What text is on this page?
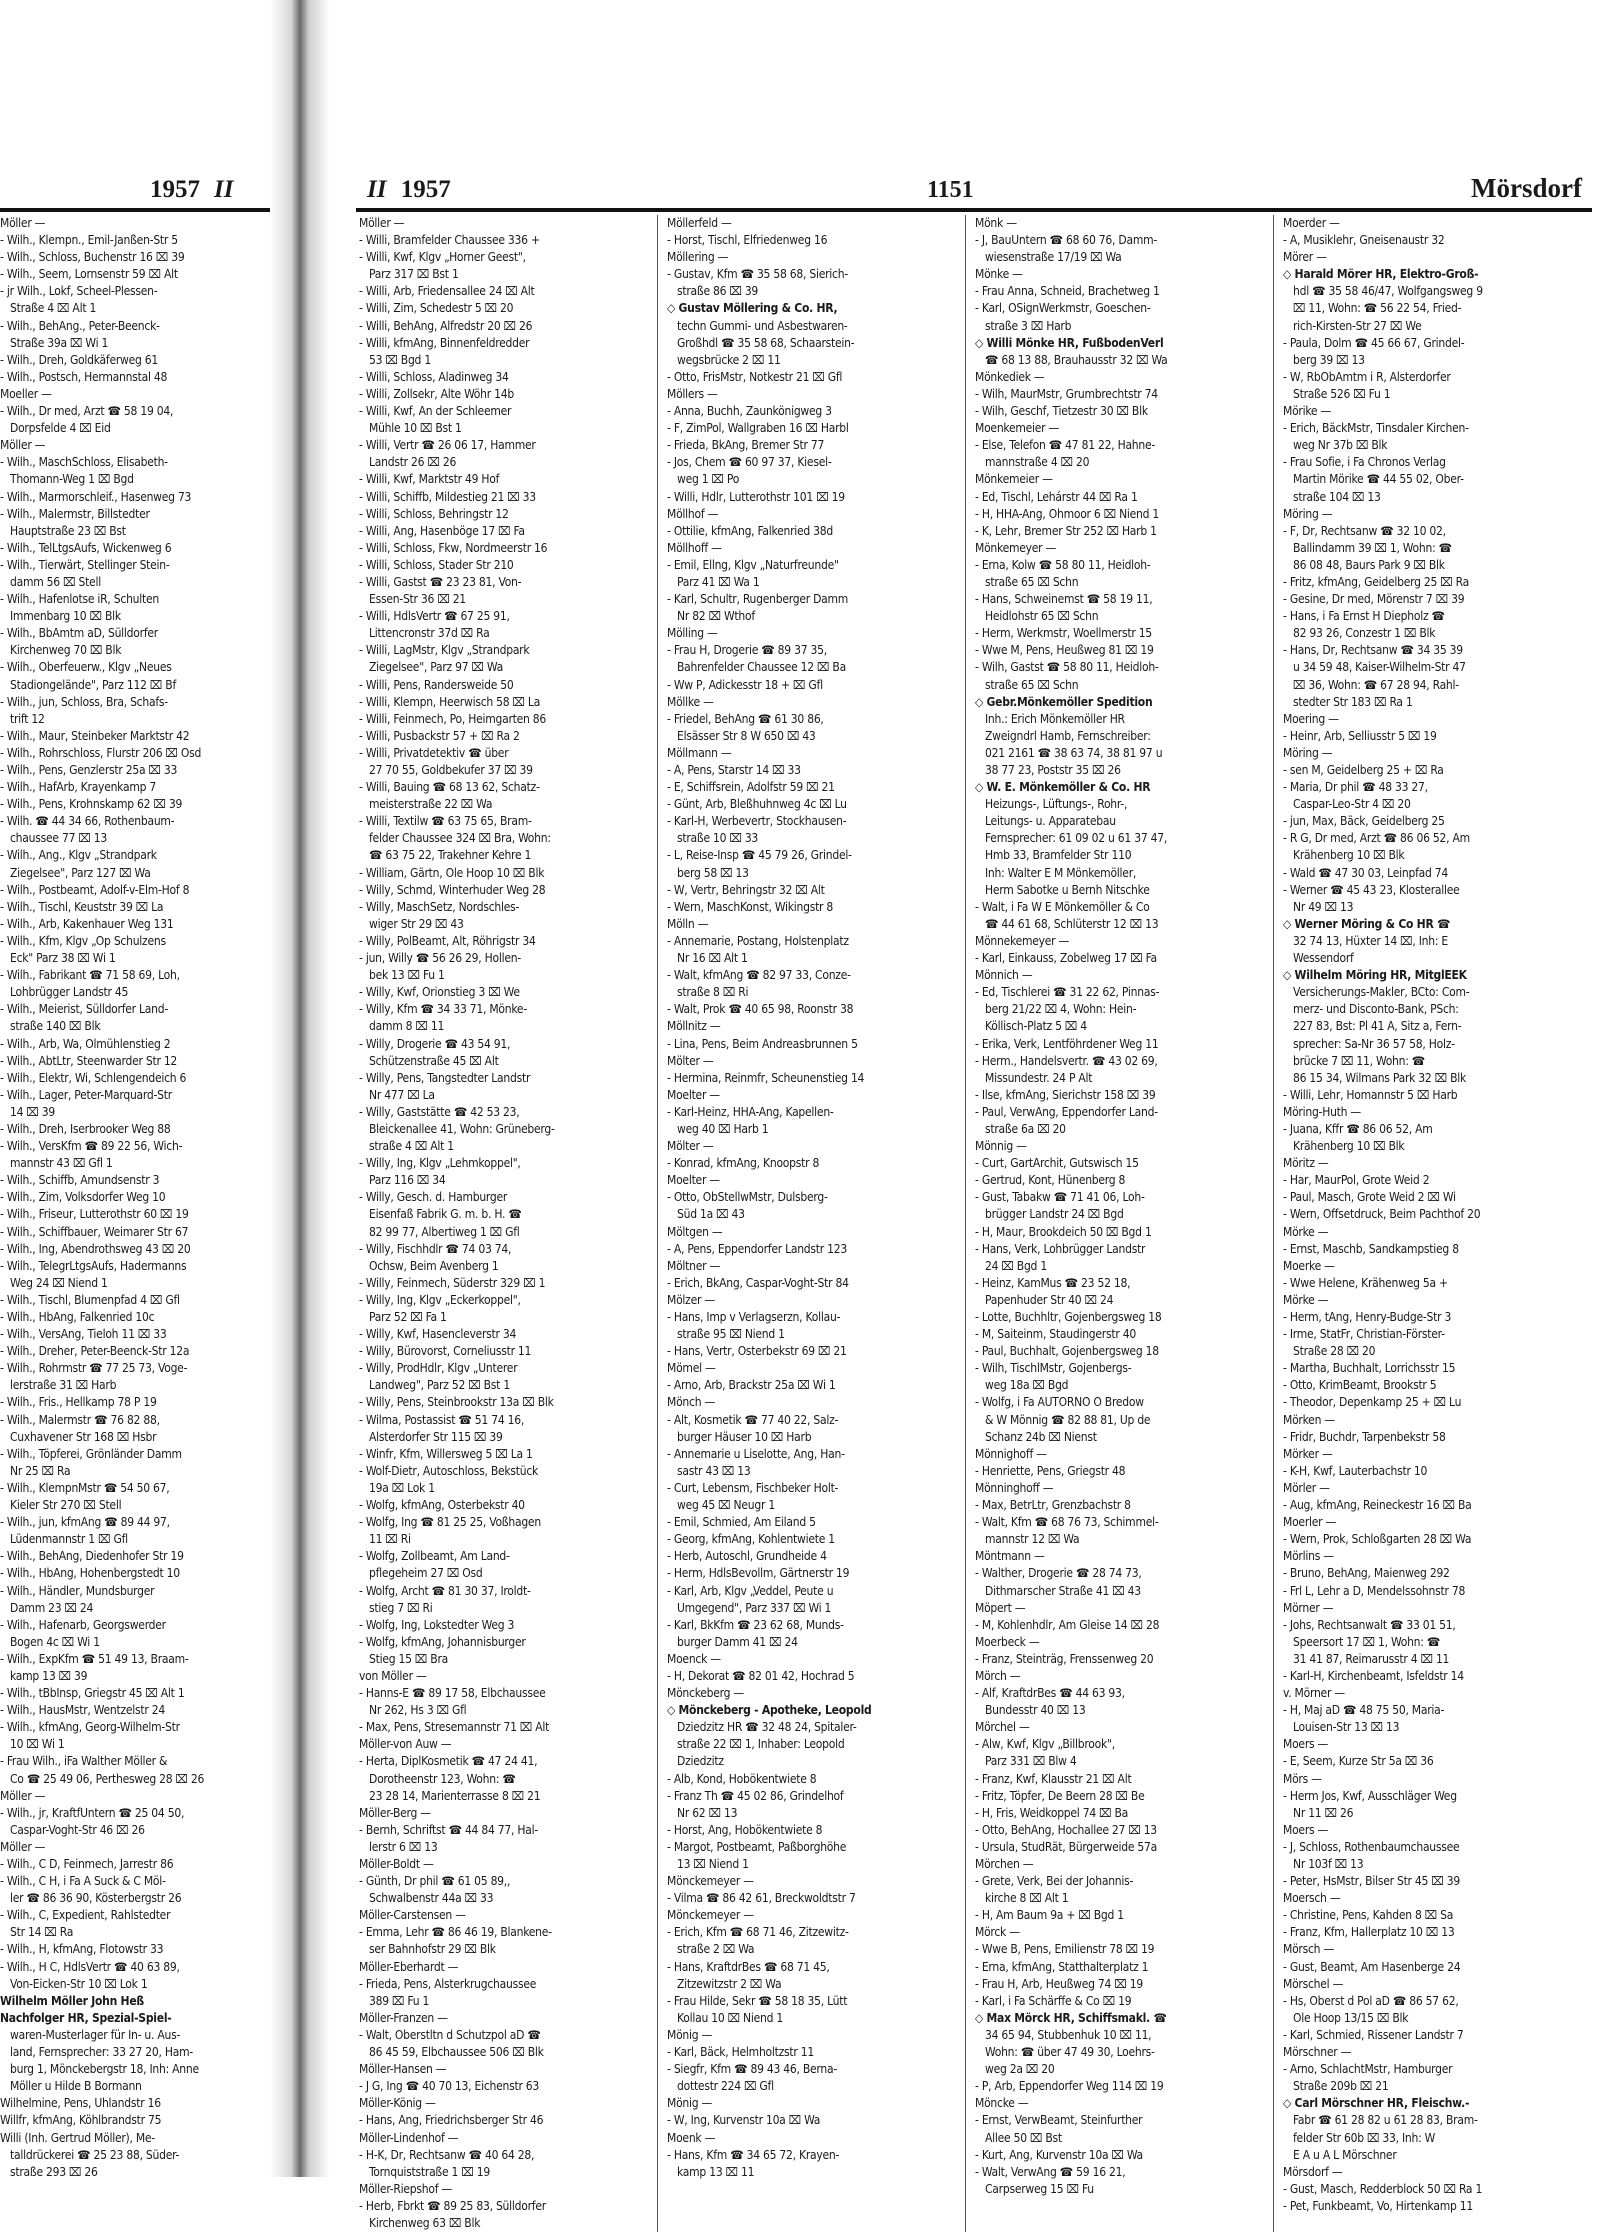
1957 II
Möller —
- Wilh., Klempn., Emil-Janßen-Str 5
- Wilh., Schloss, Buchenstr 16 ⌧ 39
- Wilh., Seem, Lornsenstr 59 ⌧ Alt
- jr Wilh., Lokf, Scheel-Plessen-
Straße 4 ⌧ Alt 1
- Wilh., BehAng., Peter-Beenck-
Straße 39a ⌧ Wi 1
- Wilh., Dreh, Goldkäferweg 61
- Wilh., Postsch, Hermannstal 48
Moeller —
- Wilh., Dr med, Arzt ☎ 58 19 04,
Dorpsfelde 4 ⌧ Eid
Möller —
- Wilh., MaschSchloss, Elisabeth-
Thomann-Weg 1 ⌧ Bgd
- Wilh., Marmorschleif., Hasenweg 73
- Wilh., Malermstr, Billstedter
Hauptstraße 23 ⌧ Bst
- Wilh., TelLtgsAufs, Wickenweg 6
- Wilh., Tierwärt, Stellinger Stein-
damm 56 ⌧ Stell
- Wilh., Hafenlotse iR, Schulten
Immenbarg 10 ⌧ Blk
- Wilh., BbAmtm aD, Sülldorfer
Kirchenweg 70 ⌧ Blk
- Wilh., Oberfeuerw., Klgv „Neues
Stadiongelände", Parz 112 ⌧ Bf
- Wilh., jun, Schloss, Bra, Schafs-
trift 12
- Wilh., Maur, Steinbeker Marktstr 42
- Wilh., Rohrschloss, Flurstr 206 ⌧ Osd
- Wilh., Pens, Genzlerstr 25a ⌧ 33
- Wilh., HafArb, Krayenkamp 7
- Wilh., Pens, Krohnskamp 62 ⌧ 39
- Wilh. ☎ 44 34 66, Rothenbaum-
chaussee 77 ⌧ 13
- Wilh., Ang., Klgv „Strandpark
Ziegelsee", Parz 127 ⌧ Wa
- Wilh., Postbeamt, Adolf-v-Elm-Hof 8
- Wilh., Tischl, Keuststr 39 ⌧ La
- Wilh., Arb, Kakenhauer Weg 131
- Wilh., Kfm, Klgv „Op Schulzens
Eck" Parz 38 ⌧ Wi 1
- Wilh., Fabrikant ☎ 71 58 69, Loh,
Lohbrügger Landstr 45
- Wilh., Meierist, Sülldorfer Land-
straße 140 ⌧ Blk
- Wilh., Arb, Wa, Olmühlenstieg 2
- Wilh., AbtLtr, Steenwarder Str 12
- Wilh., Elektr, Wi, Schlengendeich 6
- Wilh., Lager, Peter-Marquard-Str
14 ⌧ 39
- Wilh., Dreh, Iserbrooker Weg 88
- Wilh., VersKfm ☎ 89 22 56, Wich-
mannstr 43 ⌧ Gfl 1
- Wilh., Schiffb, Amundsenstr 3
- Wilh., Zim, Volksdorfer Weg 10
- Wilh., Friseur, Lutterothstr 60 ⌧ 19
- Wilh., Schiffbauer, Weimarer Str 67
- Wilh., Ing, Abendrothsweg 43 ⌧ 20
- Wilh., TelegrLtgsAufs, Hadermanns
Weg 24 ⌧ Niend 1
- Wilh., Tischl, Blumenpfad 4 ⌧ Gfl
- Wilh., HbAng, Falkenried 10c
- Wilh., VersAng, Tieloh 11 ⌧ 33
- Wilh., Dreher, Peter-Beenck-Str 12a
- Wilh., Rohrmstr ☎ 77 25 73, Voge-
lerstraße 31 ⌧ Harb
- Wilh., Fris., Hellkamp 78 P 19
- Wilh., Malermstr ☎ 76 82 88,
Cuxhavener Str 168 ⌧ Hsbr
- Wilh., Töpferei, Grönländer Damm
Nr 25 ⌧ Ra
- Wilh., KlempnMstr ☎ 54 50 67,
Kieler Str 270 ⌧ Stell
- Wilh., jun, kfmAng ☎ 89 44 97,
Lüdenmannstr 1 ⌧ Gfl
- Wilh., BehAng, Diedenhofer Str 19
- Wilh., HbAng, Hohenbergstedt 10
- Wilh., Händler, Mundsburger
Damm 23 ⌧ 24
- Wilh., Hafenarb, Georgswerder
Bogen 4c ⌧ Wi 1
- Wilh., ExpKfm ☎ 51 49 13, Braam-
kamp 13 ⌧ 39
- Wilh., tBbInsp, Griegstr 45 ⌧ Alt 1
- Wilh., HausMstr, Wentzelstr 24
- Wilh., kfmAng, Georg-Wilhelm-Str
10 ⌧ Wi 1
- Frau Wilh., iFa Walther Möller &
Co ☎ 25 49 06, Perthesweg 28 ⌧ 26
Möller —
- Wilh., jr, KraftfUntern ☎ 25 04 50,
Caspar-Voght-Str 46 ⌧ 26
Möller —
- Wilh., C D, Feinmech, Jarrestr 86
- Wilh., C H, i Fa A Suck & C Möl-
ler ☎ 86 36 90, Kösterbergstr 26
- Wilh., C, Expedient, Rahlstedter
Str 14 ⌧ Ra
- Wilh., H, kfmAng, Flotowstr 33
- Wilh., H C, HdlsVertr ☎ 40 63 89,
Von-Eicken-Str 10 ⌧ Lok 1
Wilhelm Möller John Heß
Nachfolger HR, Spezial-Spiel-
waren-Musterlager für In- u. Aus-
land, Fernsprecher: 33 27 20, Ham-
burg 1, Mönckebergstr 18, Inh: Anne
Möller u Hilde B Bormann
Wilhelmine, Pens, Uhlandstr 16
Willfr, kfmAng, Köhlbrandstr 75
Willi (Inh. Gertrud Möller), Me-
talldrückerei ☎ 25 23 88, Süder-
straße 293 ⌧ 26
II 1957	1151	Mörsdorf
Möller —
- Willi, Bramfelder Chaussee 336 +
- Willi, Kwf, Klgv „Horner Geest",
Parz 317 ⌧ Bst 1
- Willi, Arb, Friedensallee 24 ⌧ Alt
- Willi, Zim, Schedestr 5 ⌧ 20
- Willi, BehAng, Alfredstr 20 ⌧ 26
- Willi, kfmAng, Binnenfeldredder
53 ⌧ Bgd 1
- Willi, Schloss, Aladinweg 34
- Willi, Zollsekr, Alte Wöhr 14b
- Willi, Kwf, An der Schleemer
Mühle 10 ⌧ Bst 1
- Willi, Vertr ☎ 26 06 17, Hammer
Landstr 26 ⌧ 26
- Willi, Kwf, Marktstr 49 Hof
- Willi, Schiffb, Mildestieg 21 ⌧ 33
- Willi, Schloss, Behringstr 12
- Willi, Ang, Hasenböge 17 ⌧ Fa
- Willi, Schloss, Fkw, Nordmeerstr 16
- Willi, Schloss, Stader Str 210
- Willi, Gastst ☎ 23 23 81, Von-
Essen-Str 36 ⌧ 21
- Willi, HdlsVertr ☎ 67 25 91,
Littencronstr 37d ⌧ Ra
- Willi, LagMstr, Klgv „Strandpark
Ziegelsee", Parz 97 ⌧ Wa
- Willi, Pens, Randersweide 50
- Willi, Klempn, Heerwisch 58 ⌧ La
- Willi, Feinmech, Po, Heimgarten 86
- Willi, Pusbackstr 57 + ⌧ Ra 2
- Willi, Privatdetektiv ☎ über
27 70 55, Goldbekufer 37 ⌧ 39
- Willi, Bauing ☎ 68 13 62, Schatz-
meisterstraße 22 ⌧ Wa
- Willi, Textilw ☎ 63 75 65, Bram-
felder Chaussee 324 ⌧ Bra, Wohn:
☎ 63 75 22, Trakehner Kehre 1
- William, Gärtn, Ole Hoop 10 ⌧ Blk
- Willy, Schmd, Winterhuder Weg 28
- Willy, MaschSetz, Nordschles-
wiger Str 29 ⌧ 43
- Willy, PolBeamt, Alt, Röhrigstr 34
- jun, Willy ☎ 56 26 29, Hollen-
bek 13 ⌧ Fu 1
- Willy, Kwf, Orionstieg 3 ⌧ We
- Willy, Kfm ☎ 34 33 71, Mönke-
damm 8 ⌧ 11
- Willy, Drogerie ☎ 43 54 91,
Schützenstraße 45 ⌧ Alt
- Willy, Pens, Tangstedter Landstr
Nr 477 ⌧ La
- Willy, Gaststätte ☎ 42 53 23,
Bleickenallee 41, Wohn: Grüneberg-
straße 4 ⌧ Alt 1
- Willy, Ing, Klgv „Lehmkoppel",
Parz 116 ⌧ 34
- Willy, Gesch. d. Hamburger
Eisenfaß Fabrik G. m. b. H. ☎
82 99 77, Albertiweg 1 ⌧ Gfl
- Willy, Fischhdlr ☎ 74 03 74,
Ochsw, Beim Avenberg 1
- Willy, Feinmech, Süderstr 329 ⌧ 1
- Willy, Ing, Klgv „Eckerkoppel",
Parz 52 ⌧ Fa 1
- Willy, Kwf, Hasencleverstr 34
- Willy, Bürovorst, Corneliusstr 11
- Willy, ProdHdlr, Klgv „Unterer
Landweg", Parz 52 ⌧ Bst 1
- Willy, Pens, Steinbrookstr 13a ⌧ Blk
- Wilma, Postassist ☎ 51 74 16,
Alsterdorfer Str 115 ⌧ 39
- Winfr, Kfm, Willersweg 5 ⌧ La 1
- Wolf-Dietr, Autoschloss, Bekstück
19a ⌧ Lok 1
- Wolfg, kfmAng, Osterbekstr 40
- Wolfg, Ing ☎ 81 25 25, Voßhagen
11 ⌧ Ri
- Wolfg, Zollbeamt, Am Land-
pflegeheim 27 ⌧ Osd
- Wolfg, Archt ☎ 81 30 37, Iroldt-
stieg 7 ⌧ Ri
- Wolfg, Ing, Lokstedter Weg 3
- Wolfg, kfmAng, Johannisburger
Stieg 15 ⌧ Bra
von Möller —
- Hanns-E ☎ 89 17 58, Elbchaussee
Nr 262, Hs 3 ⌧ Gfl
- Max, Pens, Stresemannstr 71 ⌧ Alt
Möller-von Auw —
- Herta, DiplKosmetik ☎ 47 24 41,
Dorotheenstr 123, Wohn: ☎
23 28 14, Marienterrasse 8 ⌧ 21
Möller-Berg —
- Bernh, Schriftst ☎ 44 84 77, Hal-
lerstr 6 ⌧ 13
Möller-Boldt —
- Günth, Dr phil ☎ 61 05 89,,
Schwalbenstr 44a ⌧ 33
Möller-Carstensen —
- Emma, Lehr ☎ 86 46 19, Blankene-
ser Bahnhofstr 29 ⌧ Blk
Möller-Eberhardt —
- Frieda, Pens, Alsterkrugchaussee
389 ⌧ Fu 1
Möller-Franzen —
- Walt, Oberstltn d Schutzpol aD ☎
86 45 59, Elbchaussee 506 ⌧ Blk
Möller-Hansen —
- J G, Ing ☎ 40 70 13, Eichenstr 63
Möller-König —
- Hans, Ang, Friedrichsberger Str 46
Möller-Lindenhof —
- H-K, Dr, Rechtsanw ☎ 40 64 28,
Tornquiststraße 1 ⌧ 19
Möller-Riepshof —
- Herb, Fbrkt ☎ 89 25 83, Sülldorfer
Kirchenweg 63 ⌧ Blk
Möllerfeld —
- Horst, Tischl, Elfriedenweg 16
Möllering —
- Gustav, Kfm ☎ 35 58 68, Sierich-
straße 86 ⌧ 39
◇ Gustav Möllering & Co. HR,
techn Gummi- und Asbestwaren-
Großhdl ☎ 35 58 68, Schaarstein-
wegsbrücke 2 ⌧ 11
- Otto, FrisMstr, Notkestr 21 ⌧ Gfl
Möllers —
- Anna, Buchh, Zaunkönigweg 3
- F, ZimPol, Wallgraben 16 ⌧ Harbl
- Frieda, BkAng, Bremer Str 77
- Jos, Chem ☎ 60 97 37, Kiesel-
weg 1 ⌧ Po
- Willi, Hdlr, Lutterothstr 101 ⌧ 19
Möllhof —
- Ottilie, kfmAng, Falkenried 38d
Möllhoff —
- Emil, Ellng, Klgv „Naturfreunde"
Parz 41 ⌧ Wa 1
- Karl, Schultr, Rugenberger Damm
Nr 82 ⌧ Wthof
Mölling —
- Frau H, Drogerie ☎ 89 37 35,
Bahrenfelder Chaussee 12 ⌧ Ba
- Ww P, Adickesstr 18 + ⌧ Gfl
Möllke —
- Friedel, BehAng ☎ 61 30 86,
Elsässer Str 8 W 650 ⌧ 43
Möllmann —
- A, Pens, Starstr 14 ⌧ 33
- E, Schiffsrein, Adolfstr 59 ⌧ 21
- Günt, Arb, Bleßhuhnweg 4c ⌧ Lu
- Karl-H, Werbevertr, Stockhausen-
straße 10 ⌧ 33
- L, Reise-Insp ☎ 45 79 26, Grindel-
berg 58 ⌧ 13
- W, Vertr, Behringstr 32 ⌧ Alt
- Wern, MaschKonst, Wikingstr 8
Mölln —
- Annemarie, Postang, Holstenplatz
Nr 16 ⌧ Alt 1
- Walt, kfmAng ☎ 82 97 33, Conze-
straße 8 ⌧ Ri
- Walt, Prok ☎ 40 65 98, Roonstr 38
Möllnitz —
- Lina, Pens, Beim Andreasbrunnen 5
Mölter —
- Hermina, Reinmfr, Scheunenstieg 14
Moelter —
- Karl-Heinz, HHA-Ang, Kapellen-
weg 40 ⌧ Harb 1
Mölter —
- Konrad, kfmAng, Knoopstr 8
Moelter —
- Otto, ObStellwMstr, Dulsberg-
Süd 1a ⌧ 43
Möltgen —
- A, Pens, Eppendorfer Landstr 123
Möltner —
- Erich, BkAng, Caspar-Voght-Str 84
Mölzer —
- Hans, Imp v Verlagserzn, Kollau-
straße 95 ⌧ Niend 1
- Hans, Vertr, Osterbekstr 69 ⌧ 21
Mömel —
- Arno, Arb, Brackstr 25a ⌧ Wi 1
Mönch —
- Alt, Kosmetik ☎ 77 40 22, Salz-
burger Häuser 10 ⌧ Harb
- Annemarie u Liselotte, Ang, Han-
sastr 43 ⌧ 13
- Curt, Lebensm, Fischbeker Holt-
weg 45 ⌧ Neugr 1
- Emil, Schmied, Am Eiland 5
- Georg, kfmAng, Kohlentwiete 1
- Herb, Autoschl, Grundheide 4
- Herm, HdlsBevollm, Gärtnerstr 19
- Karl, Arb, Klgv „Veddel, Peute u
Umgegend", Parz 337 ⌧ Wi 1
- Karl, BkKfm ☎ 23 62 68, Munds-
burger Damm 41 ⌧ 24
Moenck —
- H, Dekorat ☎ 82 01 42, Hochrad 5
Mönckeberg —
◇ Mönckeberg - Apotheke, Leopold
Dziedzitz HR ☎ 32 48 24, Spitaler-
straße 22 ⌧ 1, Inhaber: Leopold
Dziedzitz
- Alb, Kond, Hobökentwiete 8
- Franz Th ☎ 45 02 86, Grindelhof
Nr 62 ⌧ 13
- Horst, Ang, Hobökentwiete 8
- Margot, Postbeamt, Paßborghöhe
13 ⌧ Niend 1
Mönckemeyer —
- Vilma ☎ 86 42 61, Breckwoldtstr 7
Mönckemeyer —
- Erich, Kfm ☎ 68 71 46, Zitzewitz-
straße 2 ⌧ Wa
- Hans, KraftdrBes ☎ 68 71 45,
Zitzewitzstr 2 ⌧ Wa
- Frau Hilde, Sekr ☎ 58 18 35, Lütt
Kollau 10 ⌧ Niend 1
Mönig —
- Karl, Bäck, Helmholtzstr 11
- Siegfr, Kfm ☎ 89 43 46, Berna-
dottestr 224 ⌧ Gfl
Mönig —
- W, Ing, Kurvenstr 10a ⌧ Wa
Moenk —
- Hans, Kfm ☎ 34 65 72, Krayen-
kamp 13 ⌧ 11
Mönk —
- J, BauUntern ☎ 68 60 76, Damm-
wiesenstraße 17/19 ⌧ Wa
Mönke —
- Frau Anna, Schneid, Brachetweg 1
- Karl, OSignWerkmstr, Goeschen-
straße 3 ⌧ Harb
◇ Willi Mönke HR, FußbodenVerl
☎ 68 13 88, Brauhausstr 32 ⌧ Wa
Mönkediek —
- Wilh, MaurMstr, Grumbrechtstr 74
- Wilh, Geschf, Tietzestr 30 ⌧ Blk
Moenkemeier —
- Else, Telefon ☎ 47 81 22, Hahne-
mannstraße 4 ⌧ 20
Mönkemeier —
- Ed, Tischl, Lehárstr 44 ⌧ Ra 1
- H, HHA-Ang, Ohmoor 6 ⌧ Niend 1
- K, Lehr, Bremer Str 252 ⌧ Harb 1
Mönkemeyer —
- Erna, Kolw ☎ 58 80 11, Heidloh-
straße 65 ⌧ Schn
- Hans, Schweinemst ☎ 58 19 11,
Heidlohstr 65 ⌧ Schn
- Herm, Werkmstr, Woellmerstr 15
- Wwe M, Pens, Heußweg 81 ⌧ 19
- Wilh, Gastst ☎ 58 80 11, Heidloh-
straße 65 ⌧ Schn
◇ Gebr.Mönkemöller Spedition
Inh.: Erich Mönkemöller HR
Zweigndrl Hamb, Fernschreiber:
021 2161 ☎ 38 63 74, 38 81 97 u
38 77 23, Poststr 35 ⌧ 26
◇ W. E. Mönkemöller & Co. HR
Heizungs-, Lüftungs-, Rohr-,
Leitungs- u. Apparatebau
Fernsprecher: 61 09 02 u 61 37 47,
Hmb 33, Bramfelder Str 110
Inh: Walter E M Mönkemöller,
Herm Sabotke u Bernh Nitschke
- Walt, i Fa W E Mönkemöller & Co
☎ 44 61 68, Schlüterstr 12 ⌧ 13
Mönnekemeyer —
- Karl, Einkauss, Zobelweg 17 ⌧ Fa
Mönnich —
- Ed, Tischlerei ☎ 31 22 62, Pinnas-
berg 21/22 ⌧ 4, Wohn: Hein-
Köllisch-Platz 5 ⌧ 4
- Erika, Verk, Lentföhrdener Weg 11
- Herm., Handelsvertr. ☎ 43 02 69,
Missundestr. 24 P Alt
- Ilse, kfmAng, Sierichstr 158 ⌧ 39
- Paul, VerwAng, Eppendorfer Land-
straße 6a ⌧ 20
Mönnig —
- Curt, GartArchit, Gutswisch 15
- Gertrud, Kont, Hünenberg 8
- Gust, Tabakw ☎ 71 41 06, Loh-
brügger Landstr 24 ⌧ Bgd
- H, Maur, Brookdeich 50 ⌧ Bgd 1
- Hans, Verk, Lohbrügger Landstr
24 ⌧ Bgd 1
- Heinz, KamMus ☎ 23 52 18,
Papenhuder Str 40 ⌧ 24
- Lotte, Buchhltr, Gojenbergsweg 18
- M, Saiteinm, Staudingerstr 40
- Paul, Buchhalt, Gojenbergsweg 18
- Wilh, TischlMstr, Gojenbergs-
weg 18a ⌧ Bgd
- Wolfg, i Fa AUTORNO O Bredow
& W Mönnig ☎ 82 88 81, Up de
Schanz 24b ⌧ Nienst
Mönnighoff —
- Henriette, Pens, Griegstr 48
Mönninghoff —
- Max, BetrLtr, Grenzbachstr 8
- Walt, Kfm ☎ 68 76 73, Schimmel-
mannstr 12 ⌧ Wa
Möntmann —
- Walther, Drogerie ☎ 28 74 73,
Dithmarscher Straße 41 ⌧ 43
Möpert —
- M, Kohlenhdlr, Am Gleise 14 ⌧ 28
Moerbeck —
- Franz, Steinträg, Frenssenweg 20
Mörch —
- Alf, KraftdrBes ☎ 44 63 93,
Bundesstr 40 ⌧ 13
Mörchel —
- Alw, Kwf, Klgv „Billbrook",
Parz 331 ⌧ Blw 4
- Franz, Kwf, Klausstr 21 ⌧ Alt
- Fritz, Töpfer, De Beern 28 ⌧ Be
- H, Fris, Weidkoppel 74 ⌧ Ba
- Otto, BehAng, Hochallee 27 ⌧ 13
- Ursula, StudRät, Bürgerweide 57a
Mörchen —
- Grete, Verk, Bei der Johannis-
kirche 8 ⌧ Alt 1
- H, Am Baum 9a + ⌧ Bgd 1
Mörck —
- Wwe B, Pens, Emilienstr 78 ⌧ 19
- Erna, kfmAng, Statthalterplatz 1
- Frau H, Arb, Heußweg 74 ⌧ 19
- Karl, i Fa Schärffe & Co ⌧ 19
◇ Max Mörck HR, Schiffsmakl. ☎
34 65 94, Stubbenhuk 10 ⌧ 11,
Wohn: ☎ über 47 49 30, Loehrs-
weg 2a ⌧ 20
- P, Arb, Eppendorfer Weg 114 ⌧ 19
Möncke —
- Ernst, VerwBeamt, Steinfurther
Allee 50 ⌧ Bst
- Kurt, Ang, Kurvenstr 10a ⌧ Wa
- Walt, VerwAng ☎ 59 16 21,
Carpserweg 15 ⌧ Fu
Moerder —
- A, Musiklehr, Gneisenaustr 32
Mörer —
◇ Harald Mörer HR, Elektro-Groß-
hdl ☎ 35 58 46/47, Wolfgangsweg 9
⌧ 11, Wohn: ☎ 56 22 54, Fried-
rich-Kirsten-Str 27 ⌧ We
- Paula, Dolm ☎ 45 66 67, Grindel-
berg 39 ⌧ 13
- W, RbObAmtm i R, Alsterdorfer
Straße 526 ⌧ Fu 1
Mörike —
- Erich, BäckMstr, Tinsdaler Kirchen-
weg Nr 37b ⌧ Blk
- Frau Sofie, i Fa Chronos Verlag
Martin Mörike ☎ 44 55 02, Ober-
straße 104 ⌧ 13
Möring —
- F, Dr, Rechtsanw ☎ 32 10 02,
Ballindamm 39 ⌧ 1, Wohn: ☎
86 08 48, Baurs Park 9 ⌧ Blk
- Fritz, kfmAng, Geidelberg 25 ⌧ Ra
- Gesine, Dr med, Mörenstr 7 ⌧ 39
- Hans, i Fa Ernst H Diepholz ☎
82 93 26, Conzestr 1 ⌧ Blk
- Hans, Dr, Rechtsanw ☎ 34 35 39
u 34 59 48, Kaiser-Wilhelm-Str 47
⌧ 36, Wohn: ☎ 67 28 94, Rahl-
stedter Str 183 ⌧ Ra 1
Moering —
- Heinr, Arb, Selliusstr 5 ⌧ 19
Möring —
- sen M, Geidelberg 25 + ⌧ Ra
- Maria, Dr phil ☎ 48 33 27,
Caspar-Leo-Str 4 ⌧ 20
- jun, Max, Bäck, Geidelberg 25
- R G, Dr med, Arzt ☎ 86 06 52, Am
Krähenberg 10 ⌧ Blk
- Wald ☎ 47 30 03, Leinpfad 74
- Werner ☎ 45 43 23, Klosterallee
Nr 49 ⌧ 13
◇ Werner Möring & Co HR ☎
32 74 13, Hüxter 14 ⌧, Inh: E
Wessendorf
◇ Wilhelm Möring HR, MitglEEK
Versicherungs-Makler, BCto: Com-
merz- und Disconto-Bank, PSch:
227 83, Bst: Pl 41 A, Sitz a, Fern-
sprecher: Sa-Nr 36 57 58, Holz-
brücke 7 ⌧ 11, Wohn: ☎
86 15 34, Wilmans Park 32 ⌧ Blk
- Willi, Lehr, Homannstr 5 ⌧ Harb
Möring-Huth —
- Juana, Kffr ☎ 86 06 52, Am
Krähenberg 10 ⌧ Blk
Möritz —
- Har, MaurPol, Grote Weid 2
- Paul, Masch, Grote Weid 2 ⌧ Wi
- Wern, Offsetdruck, Beim Pachthof 20
Mörke —
- Ernst, Maschb, Sandkampstieg 8
Moerke —
- Wwe Helene, Krähenweg 5a +
Mörke —
- Herm, tAng, Henry-Budge-Str 3
- Irme, StatFr, Christian-Förster-
Straße 28 ⌧ 20
- Martha, Buchhalt, Lorrichsstr 15
- Otto, KrimBeamt, Brookstr 5
- Theodor, Depenkamp 25 + ⌧ Lu
Mörken —
- Fridr, Buchdr, Tarpenbekstr 58
Mörker —
- K-H, Kwf, Lauterbachstr 10
Mörler —
- Aug, kfmAng, Reineckestr 16 ⌧ Ba
Moerler —
- Wern, Prok, Schloßgarten 28 ⌧ Wa
Mörlins —
- Bruno, BehAng, Maienweg 292
- Frl L, Lehr a D, Mendelssohnstr 78
Mörner —
- Johs, Rechtsanwalt ☎ 33 01 51,
Speersort 17 ⌧ 1, Wohn: ☎
31 41 87, Reimarusstr 4 ⌧ 11
- Karl-H, Kirchenbeamt, Isfeldstr 14
v. Mörner —
- H, Maj aD ☎ 48 75 50, Maria-
Louisen-Str 13 ⌧ 13
Moers —
- E, Seem, Kurze Str 5a ⌧ 36
Mörs —
- Herm Jos, Kwf, Ausschläger Weg
Nr 11 ⌧ 26
Moers —
- J, Schloss, Rothenbaumchaussee
Nr 103f ⌧ 13
- Peter, HsMstr, Bilser Str 45 ⌧ 39
Moersch —
- Christine, Pens, Kahden 8 ⌧ Sa
- Franz, Kfm, Hallerplatz 10 ⌧ 13
Mörsch —
- Gust, Beamt, Am Hasenberge 24
Mörschel —
- Hs, Oberst d Pol aD ☎ 86 57 62,
Ole Hoop 13/15 ⌧ Blk
- Karl, Schmied, Rissener Landstr 7
Mörschner —
- Arno, SchlachtMstr, Hamburger
Straße 209b ⌧ 21
◇ Carl Mörschner HR, Fleischw.-
Fabr ☎ 61 28 82 u 61 28 83, Bram-
felder Str 60b ⌧ 33, Inh: W
E A u A L Mörschner
Mörsdorf —
- Gust, Masch, Redderblock 50 ⌧ Ra 1
- Pet, Funkbeamt, Vo, Hirtenkamp 11
